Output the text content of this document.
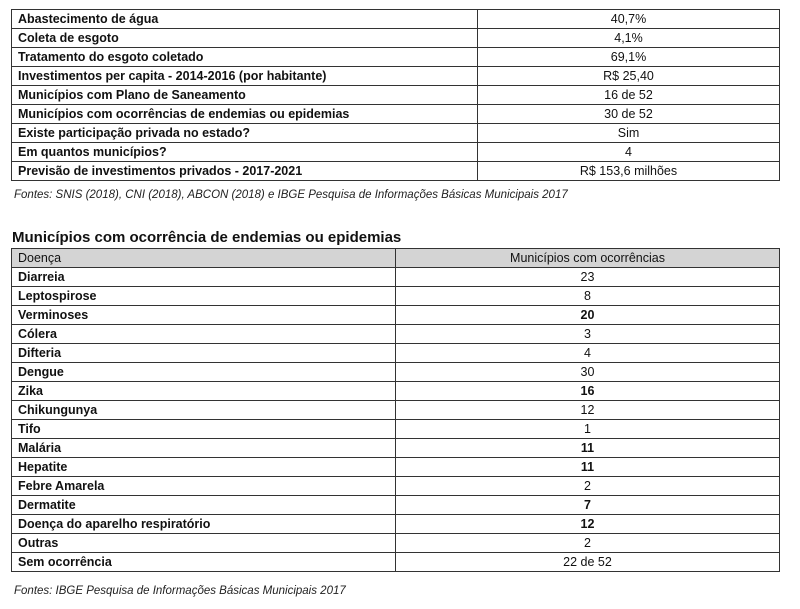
Abastecimento de água	40,7%
Coleta de esgoto	4,1%
Tratamento do esgoto coletado	69,1%
Investimentos per capita - 2014-2016 (por habitante)	R$ 25,40
Municípios com Plano de Saneamento	16 de 52
Municípios com ocorrências de endemias ou epidemias	30 de 52
Existe participação privada no estado?	Sim
Em quantos municípios?	4
Previsão de investimentos privados - 2017-2021	R$ 153,6 milhões
Fontes: SNIS (2018), CNI (2018), ABCON (2018) e IBGE Pesquisa de Informações Básicas Municipais 2017
Municípios com ocorrência de endemias ou epidemias
Doença	Municípios com ocorrências
Diarreia	23
Leptospirose	8
Verminoses	20
Cólera	3
Difteria	4
Dengue	30
Zika	16
Chikungunya	12
Tifo	1
Malária	11
Hepatite	11
Febre Amarela	2
Dermatite	7
Doença do aparelho respiratório	12
Outras	2
Sem ocorrência	22 de 52
Fontes: IBGE Pesquisa de Informações Básicas Municipais 2017
